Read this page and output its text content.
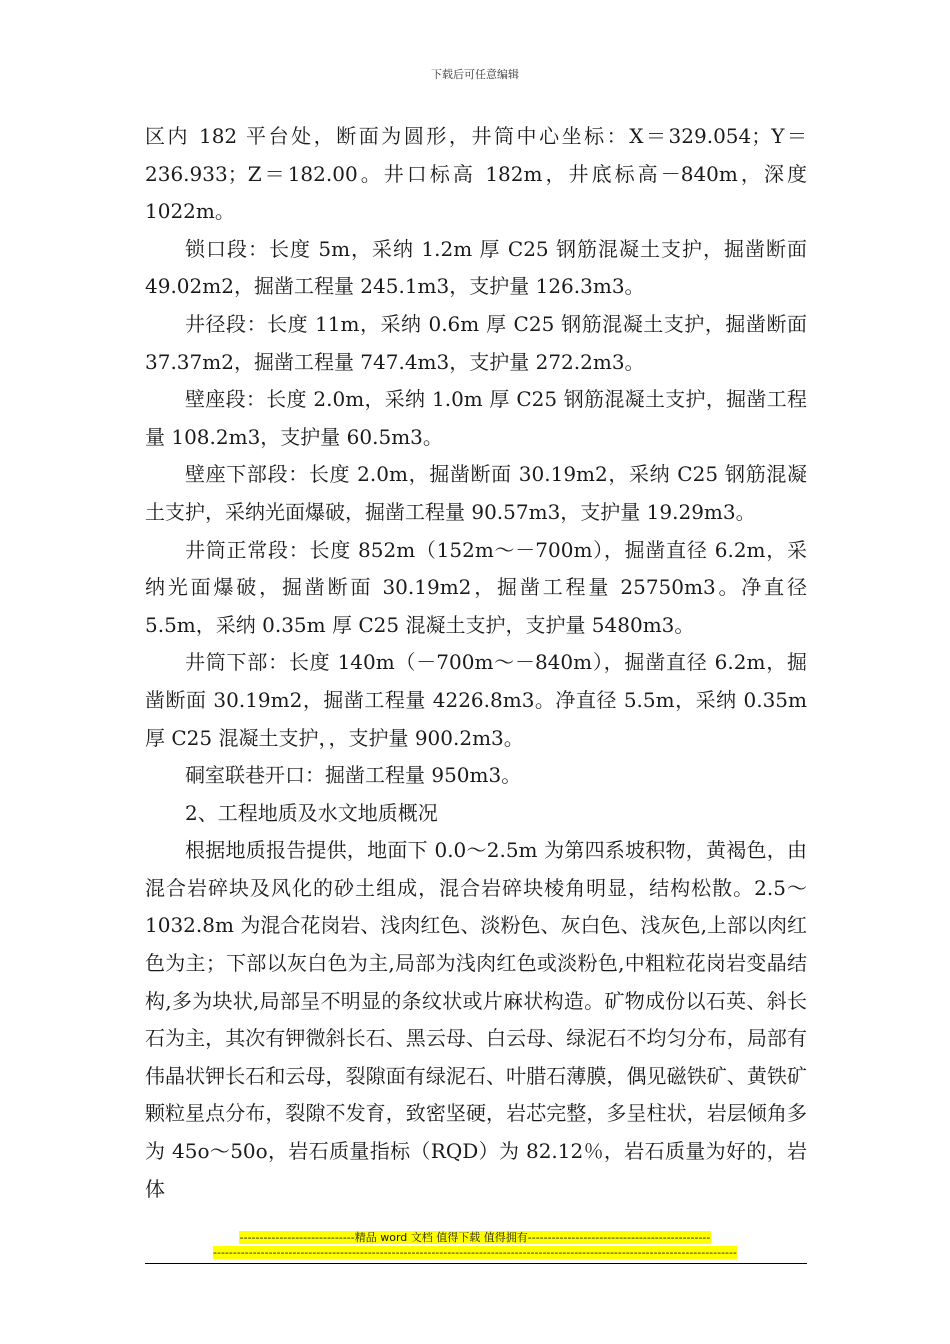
下载后可任意编辑

区内 182 平台处，断面为圆形，井筒中心坐标：X＝329.054；Y＝236.933；Z＝182.00。井口标高 182m，井底标高－840m，深度 1022m。

锁口段：长度 5m，采纳 1.2m 厚 C25 钢筋混凝土支护，掘凿断面 49.02m2，掘凿工程量 245.1m3，支护量 126.3m3。

井径段：长度 11m，采纳 0.6m 厚 C25 钢筋混凝土支护，掘凿断面 37.37m2，掘凿工程量 747.4m3，支护量 272.2m3。

壁座段：长度 2.0m，采纳 1.0m 厚 C25 钢筋混凝土支护，掘凿工程量 108.2m3，支护量 60.5m3。

壁座下部段：长度 2.0m，掘凿断面 30.19m2，采纳 C25 钢筋混凝土支护，采纳光面爆破，掘凿工程量 90.57m3，支护量 19.29m3。

井筒正常段：长度 852m（152m～－700m），掘凿直径 6.2m，采纳光面爆破，掘凿断面 30.19m2，掘凿工程量 25750m3。净直径 5.5m，采纳 0.35m 厚 C25 混凝土支护，支护量 5480m3。

井筒下部：长度 140m（－700m～－840m），掘凿直径 6.2m，掘凿断面 30.19m2，掘凿工程量 4226.8m3。净直径 5.5m，采纳 0.35m 厚 C25 混凝土支护，，支护量 900.2m3。

硐室联巷开口：掘凿工程量 950m3。

2、工程地质及水文地质概况

根据地质报告提供，地面下 0.0～2.5m 为第四系坡积物，黄褐色，由混合岩碎块及风化的砂土组成，混合岩碎块棱角明显，结构松散。2.5～1032.8m 为混合花岗岩、浅肉红色、淡粉色、灰白色、浅灰色,上部以肉红色为主；下部以灰白色为主,局部为浅肉红色或淡粉色,中粗粒花岗岩变晶结构,多为块状,局部呈不明显的条纹状或片麻状构造。矿物成份以石英、斜长石为主，其次有钾微斜长石、黑云母、白云母、绿泥石不均匀分布，局部有伟晶状钾长石和云母，裂隙面有绿泥石、叶腊石薄膜，偶见磁铁矿、黄铁矿颗粒星点分布，裂隙不发育，致密坚硬，岩芯完整，多呈柱状，岩层倾角多为 45o～50o，岩石质量指标（RQD）为 82.12％，岩石质量为好的，岩体

-----------------------------精品 word 文档 值得下载 值得拥有----------------------------------------------
------------------------------------------------------------------------------------------------------------------------------------
